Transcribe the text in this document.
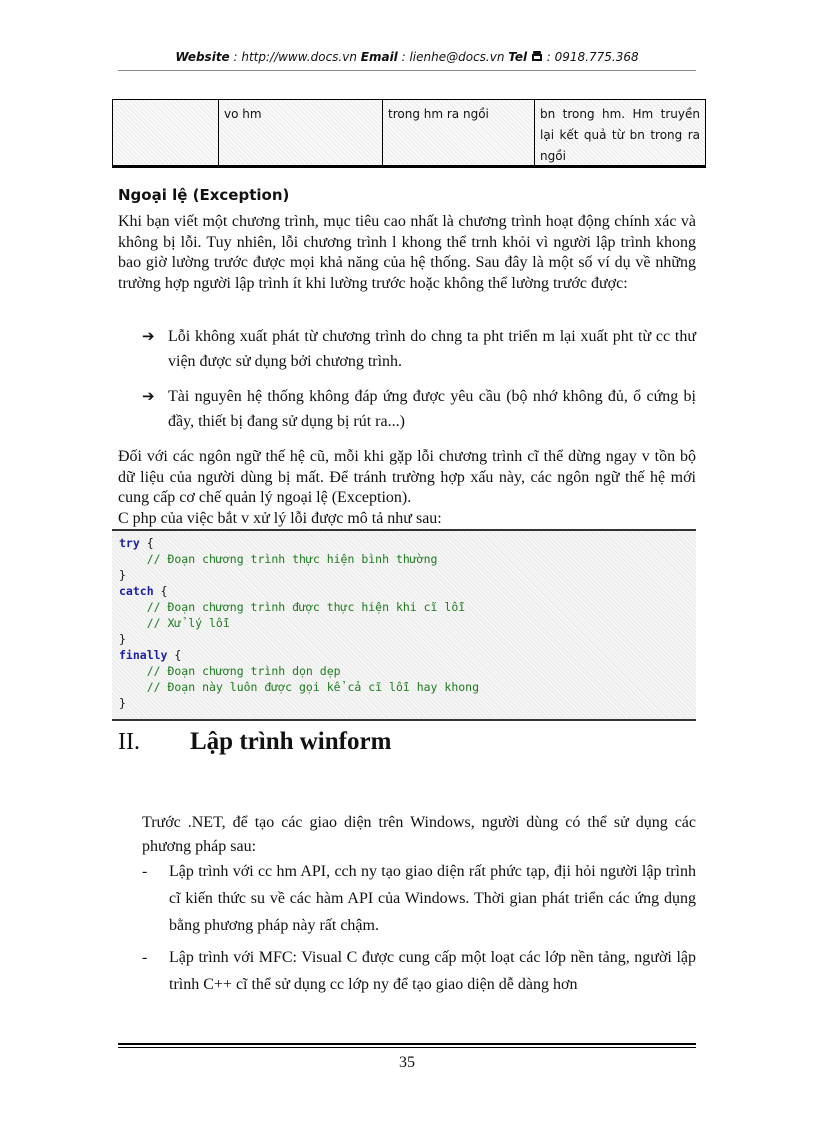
Website : http://www.docs.vn Email : lienhe@docs.vn Tel  : 0918.775.368
vo hm	trong hm ra ngồi	bn trong hm. Hm truyền lại kết quả từ bn trong ra ngồi
Ngoại lệ (Exception)
Khi bạn viết một chương trình, mục tiêu cao nhất là chương trình hoạt động chính xác và không bị lỗi. Tuy nhiên, lỗi chương trình l khong thể trnh khỏi vì người lập trình khong bao giờ lường trước được mọi khả năng của hệ thống. Sau đây là một số ví dụ về những trường hợp người lập trình ít khi lường trước hoặc không thể lường trước được:
➔ Lỗi không xuất phát từ chương trình do chng ta pht triển m lại xuất pht từ cc thư viện được sử dụng bởi chương trình.
➔ Tài nguyên hệ thống không đáp ứng được yêu cầu (bộ nhớ không đủ, ổ cứng bị đầy, thiết bị đang sử dụng bị rút ra...)
Đối với các ngôn ngữ thế hệ cũ, mỗi khi gặp lỗi chương trình cĩ thể dừng ngay v tồn bộ dữ liệu của người dùng bị mất. Để tránh trường hợp xấu này, các ngôn ngữ thế hệ mới cung cấp cơ chế quản lý ngoại lệ (Exception).
C php của việc bắt v xử lý lỗi được mô tả như sau:
try {
// Đoạn chương trình thực hiện bình thường
}
catch {
// Đoạn chương trình được thực hiện khi cĩ lỗi
// Xử lý lỗi
}
finally {
// Đoạn chương trình dọn dẹp
// Đoạn này luôn được gọi kể cả cĩ lỗi hay khong
}
II. Lập trình winform
Trước .NET, để tạo các giao diện trên Windows, người dùng có thể sử dụng các phương pháp sau:
- Lập trình với cc hm API, cch ny tạo giao diện rất phức tạp, địi hỏi người lập trình cĩ kiến thức su về các hàm API của Windows. Thời gian phát triển các ứng dụng bằng phương pháp này rất chậm.
- Lập trình với MFC: Visual C được cung cấp một loạt các lớp nền tảng, người lập trình C++ cĩ thể sử dụng cc lớp ny để tạo giao diện dễ dàng hơn
35
